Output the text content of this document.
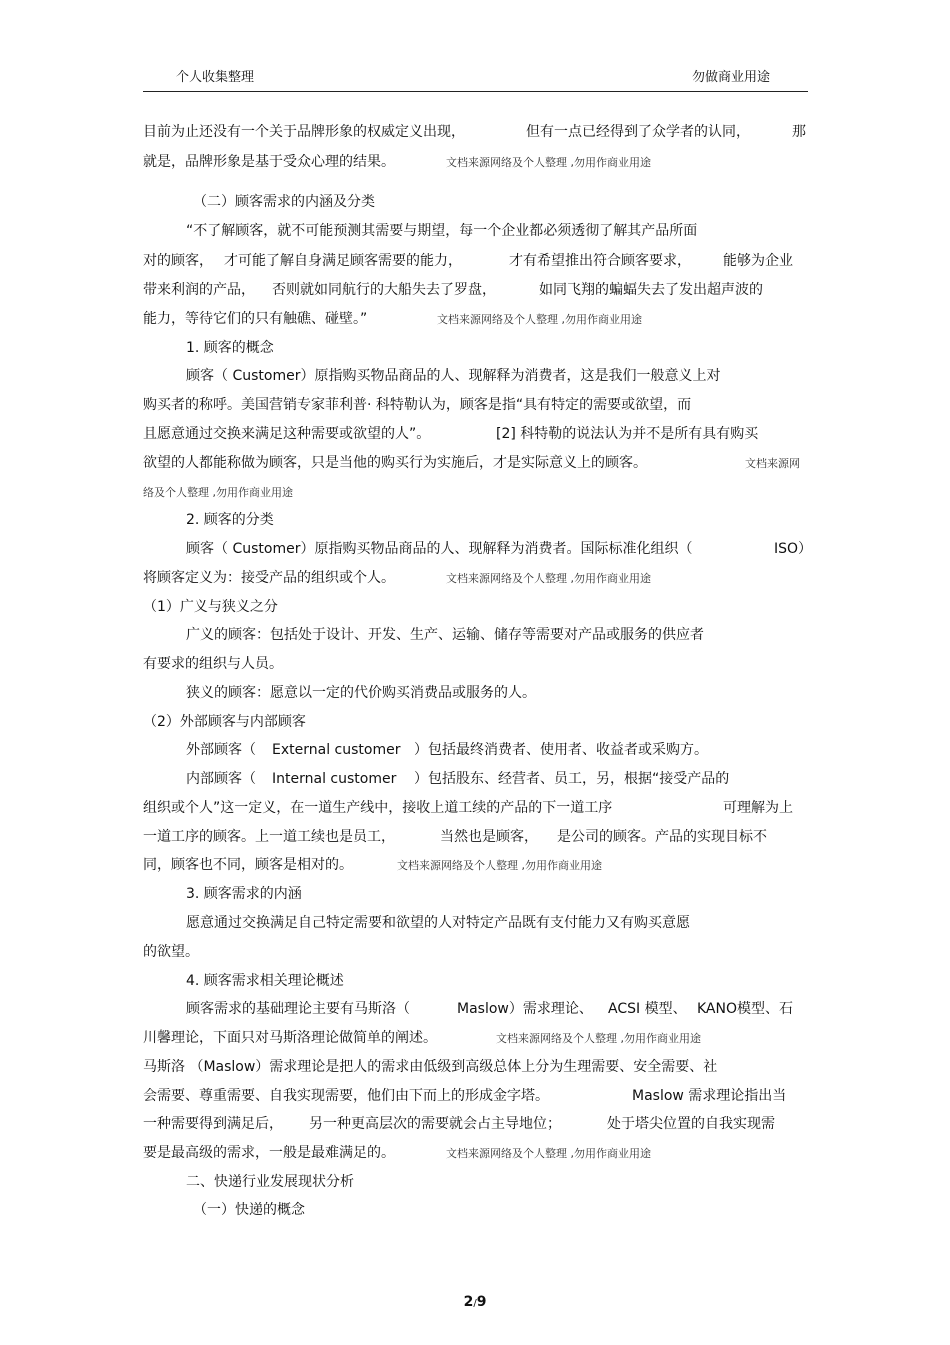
个人收集整理	勿做商业用途
目前为止还没有一个关于品牌形象的权威定义出现，	但有一点已经得到了众学者的认同，	那
就是，品牌形象是基于受众心理的结果。	文档来源网络及个人整理 ,勿用作商业用途
（二）顾客需求的内涵及分类
“不了解顾客，就不可能预测其需要与期望，每一个企业都必须透彻了解其产品所面
对的顾客， 才可能了解自身满足顾客需要的能力，	才有希望推出符合顾客要求， 能够为企业
带来利润的产品， 否则就如同航行的大船失去了罗盘，	如同飞翔的蝙蝠失去了发出超声波的
能力，等待它们的只有触礁、碰壁。”	文档来源网络及个人整理 ,勿用作商业用途
1. 顾客的概念
顾客（ Customer）原指购买物品商品的人、现解释为消费者，这是我们一般意义上对
购买者的称呼。美国营销专家菲利普· 科特勒认为，顾客是指“具有特定的需要或欲望，而
且愿意通过交换来满足这种需要或欲望的人”。	[2] 科特勒的说法认为并不是所有具有购买
欲望的人都能称做为顾客，只是当他的购买行为实施后，才是实际意义上的顾客。	文档来源网
络及个人整理 ,勿用作商业用途
2. 顾客的分类
顾客（ Customer）原指购买物品商品的人、现解释为消费者。国际标准化组织（	ISO）
将顾客定义为：接受产品的组织或个人。	文档来源网络及个人整理 ,勿用作商业用途
（1）广义与狭义之分
广义的顾客：包括处于设计、开发、生产、运输、储存等需要对产品或服务的供应者
有要求的组织与人员。
狭义的顾客：愿意以一定的代价购买消费品或服务的人。
（2）外部顾客与内部顾客
外部顾客（ External customer ）包括最终消费者、使用者、收益者或采购方。
内部顾客（ Internal customer ）包括股东、经营者、员工，另，根据“接受产品的
组织或个人”这一定义，在一道生产线中，接收上道工续的产品的下一道工序	可理解为上
一道工序的顾客。上一道工续也是员工，	当然也是顾客， 是公司的顾客。产品的实现目标不
同，顾客也不同，顾客是相对的。	文档来源网络及个人整理 ,勿用作商业用途
3. 顾客需求的内涵
愿意通过交换满足自己特定需要和欲望的人对特定产品既有支付能力又有购买意愿
的欲望。
4. 顾客需求相关理论概述
顾客需求的基础理论主要有马斯洛（	Maslow）需求理论、 ACSI 模型、 KANO模型、石
川馨理论，下面只对马斯洛理论做简单的阐述。	文档来源网络及个人整理 ,勿用作商业用途
马斯洛 （Maslow）需求理论是把人的需求由低级到高级总体上分为生理需要、安全需要、社
会需要、尊重需要、自我实现需要，他们由下而上的形成金字塔。	Maslow 需求理论指出当
一种需要得到满足后， 另一种更高层次的需要就会占主导地位；	处于塔尖位置的自我实现需
要是最高级的需求，一般是最难满足的。	文档来源网络及个人整理 ,勿用作商业用途
二、快递行业发展现状分析
（一）快递的概念
2/9
